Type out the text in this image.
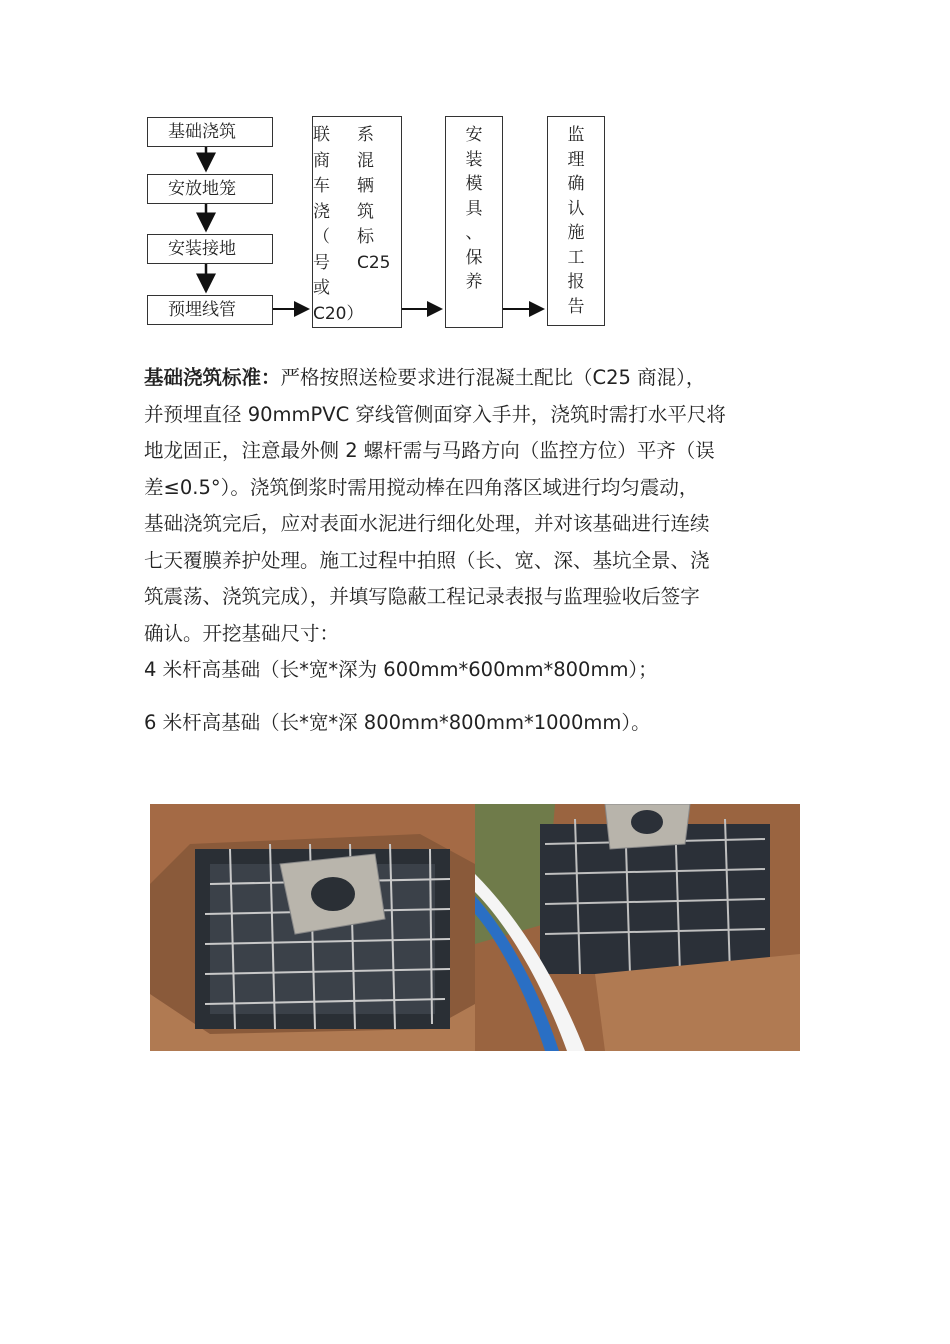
基础浇筑
安放地笼
安装接地
预埋线管
联	系
商	混
车	辆
浇	筑
（	标
号	C25
或
C20）
安
装
模
具
、
保
养
监
理
确
认
施
工
报
告

基础浇筑标准：严格按照送检要求进行混凝土配比（C25 商混），

并预埋直径 90mmPVC 穿线管侧面穿入手井，浇筑时需打水平尺将

地龙固正，注意最外侧 2 螺杆需与马路方向（监控方位）平齐（误

差≤0.5°）。浇筑倒浆时需用搅动棒在四角落区域进行均匀震动，

基础浇筑完后，应对表面水泥进行细化处理，并对该基础进行连续

七天覆膜养护处理。施工过程中拍照（长、宽、深、基坑全景、浇

筑震荡、浇筑完成），并填写隐蔽工程记录表报与监理验收后签字

确认。开挖基础尺寸：

4 米杆高基础（长*宽*深为 600mm*600mm*800mm）；

6 米杆高基础（长*宽*深 800mm*800mm*1000mm）。
